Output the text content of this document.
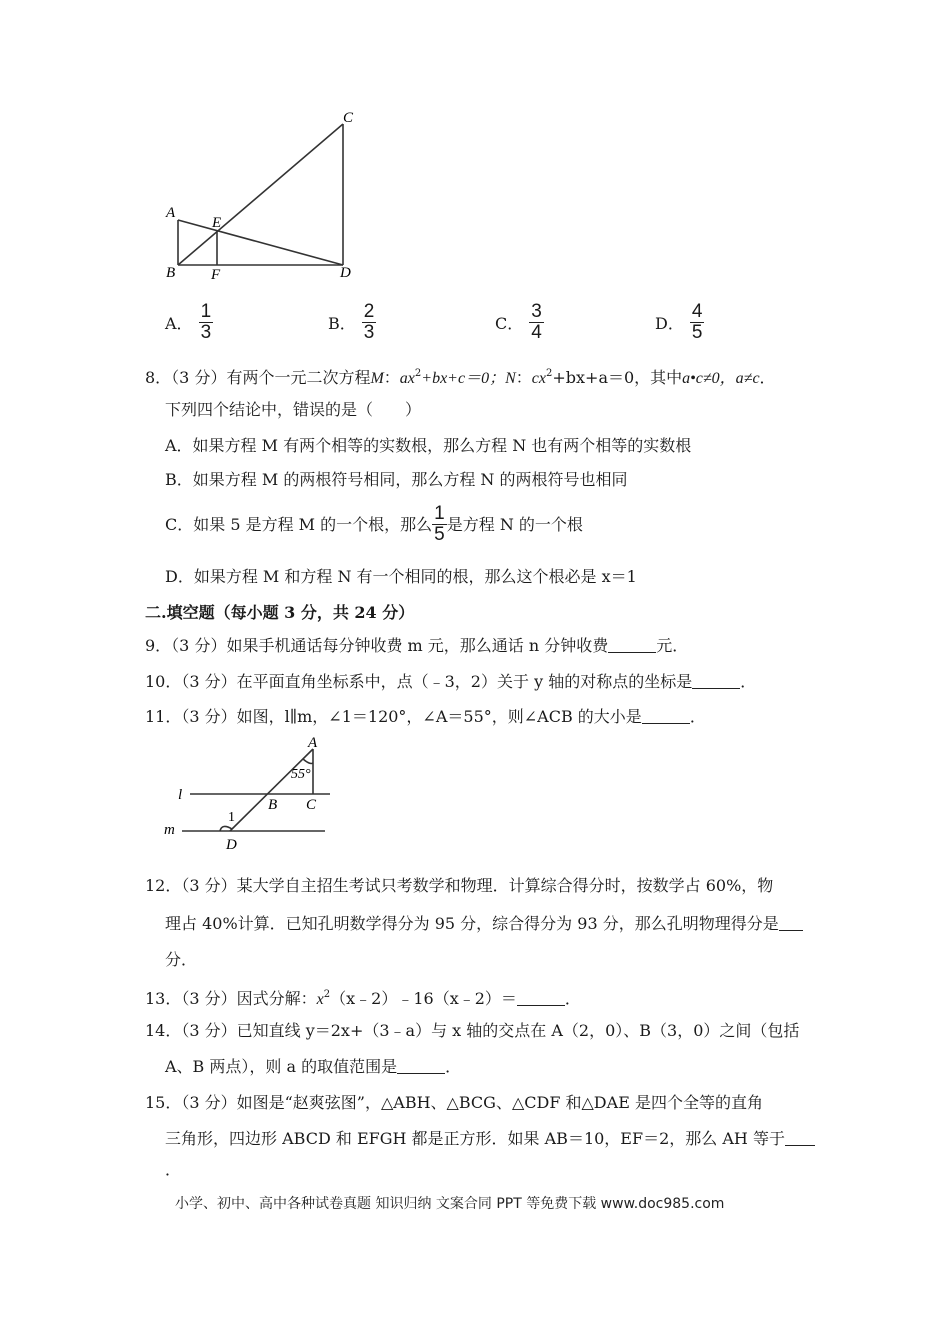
C
A
E
B F	D
A． $\frac{1}{3}$	B． $\frac{2}{3}$	C． $\frac{3}{4}$	D． $\frac{4}{5}$
8．（3 分）有两个一元二次方程M：$ax^2+bx+c=0$；N：$cx^2+bx+a=0$，其中a•c≠0，a≠c．
下列四个结论中，错误的是（　　）
A．如果方程 M 有两个相等的实数根，那么方程 N 也有两个相等的实数根
B．如果方程 M 的两根符号相同，那么方程 N 的两根符号也相同
C．如果 5 是方程 M 的一个根，那么 $\frac{1}{5}$ 是方程 N 的一个根
D．如果方程 M 和方程 N 有一个相同的根，那么这个根必是 x＝1
二.填空题（每小题 3 分，共 24 分）
9．（3 分）如果手机通话每分钟收费 m 元，那么通话 n 分钟收费	元．
10．（3 分）在平面直角坐标系中，点（﹣3，2）关于 y 轴的对称点的坐标是	．
11．（3 分）如图，l∥m，∠1＝120°，∠A＝55°，则∠ACB 的大小是	．
A
55°
l
B C
1
m
D
12．（3 分）某大学自主招生考试只考数学和物理．计算综合得分时，按数学占 60%，物
理占 40%计算．已知孔明数学得分为 95 分，综合得分为 93 分，那么孔明物理得分是
分．
13．（3 分）因式分解：$x^2(x﹣2)﹣16(x﹣2)=$	．
14．（3 分）已知直线 y＝2x+（3﹣a）与 x 轴的交点在 A（2，0）、B（3，0）之间（包括
A、B 两点），则 a 的取值范围是	．
15．（3 分）如图是“赵爽弦图”，△ABH、△BCG、△CDF 和△DAE 是四个全等的直角
三角形，四边形 ABCD 和 EFGH 都是正方形．如果 AB＝10，EF＝2，那么 AH 等于
．
小学、初中、高中各种试卷真题 知识归纳 文案合同 PPT 等免费下载 www.doc985.com
